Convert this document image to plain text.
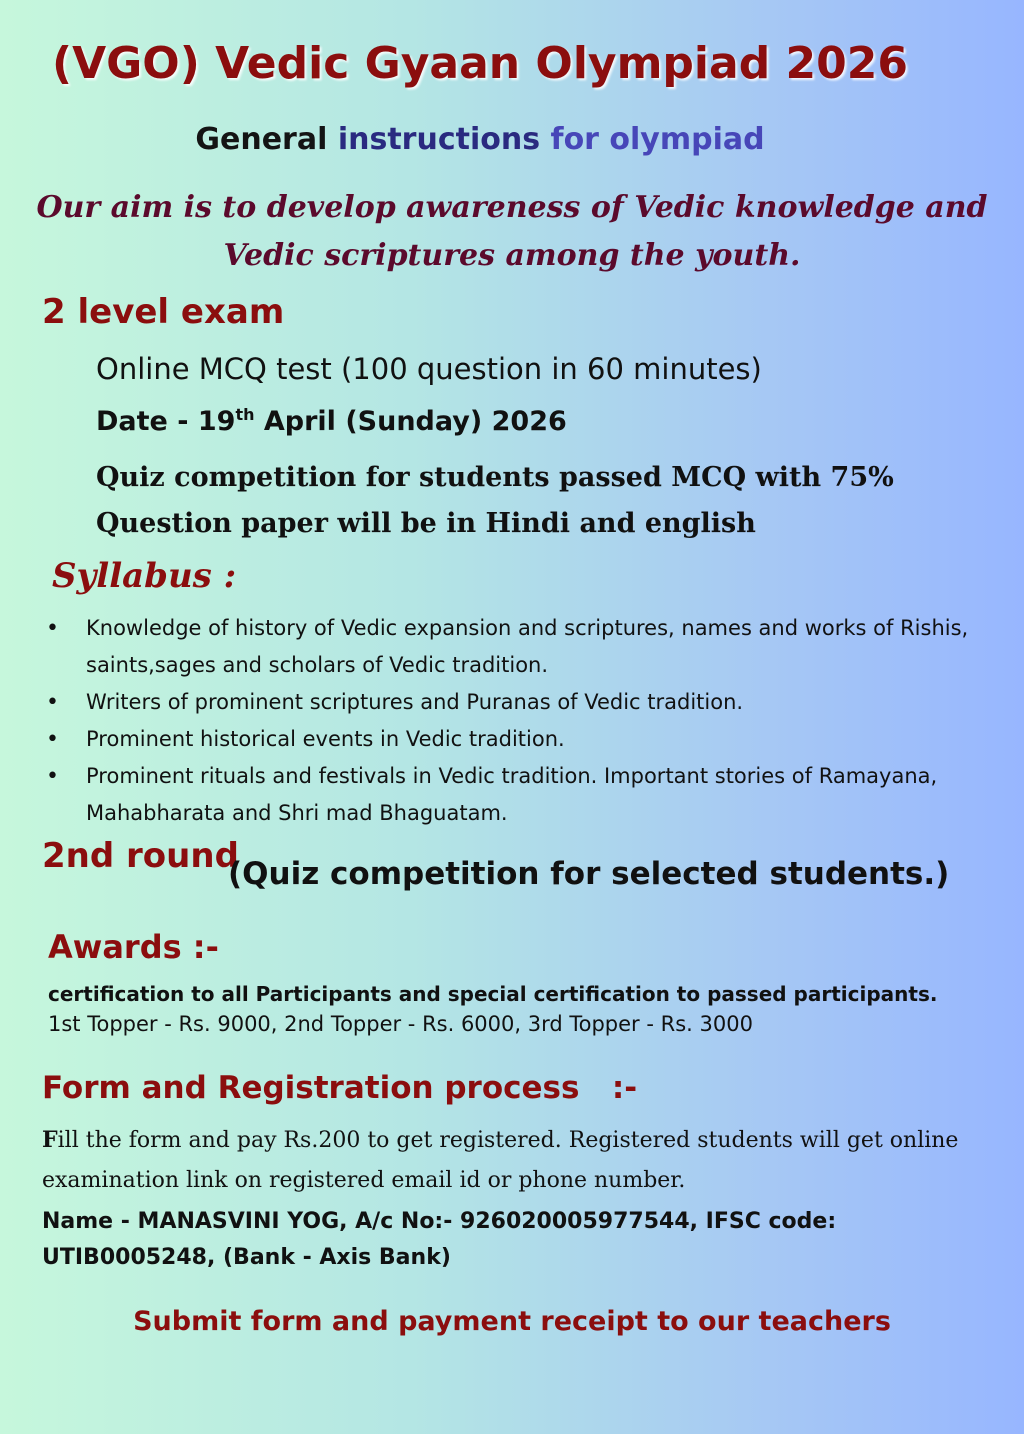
(VGO) Vedic Gyaan Olympiad 2026
General instructions for olympiad
Our aim is to develop awareness of Vedic knowledge and Vedic scriptures among the youth.
2 level exam
Online MCQ test (100 question in 60 minutes)
Date - 19th April (Sunday) 2026
Quiz competition for students passed MCQ with 75%
Question paper will be in Hindi and english
Syllabus :
• Knowledge of history of Vedic expansion and scriptures, names and works of Rishis, saints,sages and scholars of Vedic tradition.
• Writers of prominent scriptures and Puranas of Vedic tradition.
• Prominent historical events in Vedic tradition.
• Prominent rituals and festivals in Vedic tradition. Important stories of Ramayana, Mahabharata and Shri mad Bhaguatam.
2nd round
(Quiz competition for selected students.)
Awards :-
certification to all Participants and special certification to passed participants.
1st Topper - Rs. 9000, 2nd Topper - Rs. 6000, 3rd Topper - Rs. 3000
Form and Registration process   :-
Fill the form and pay Rs.200 to get registered. Registered students will get online examination link on registered email id or phone number.
Name - MANASVINI YOG, A/c No:- 926020005977544, IFSC code: UTIB0005248, (Bank - Axis Bank)
Submit form and payment receipt to our teachers
